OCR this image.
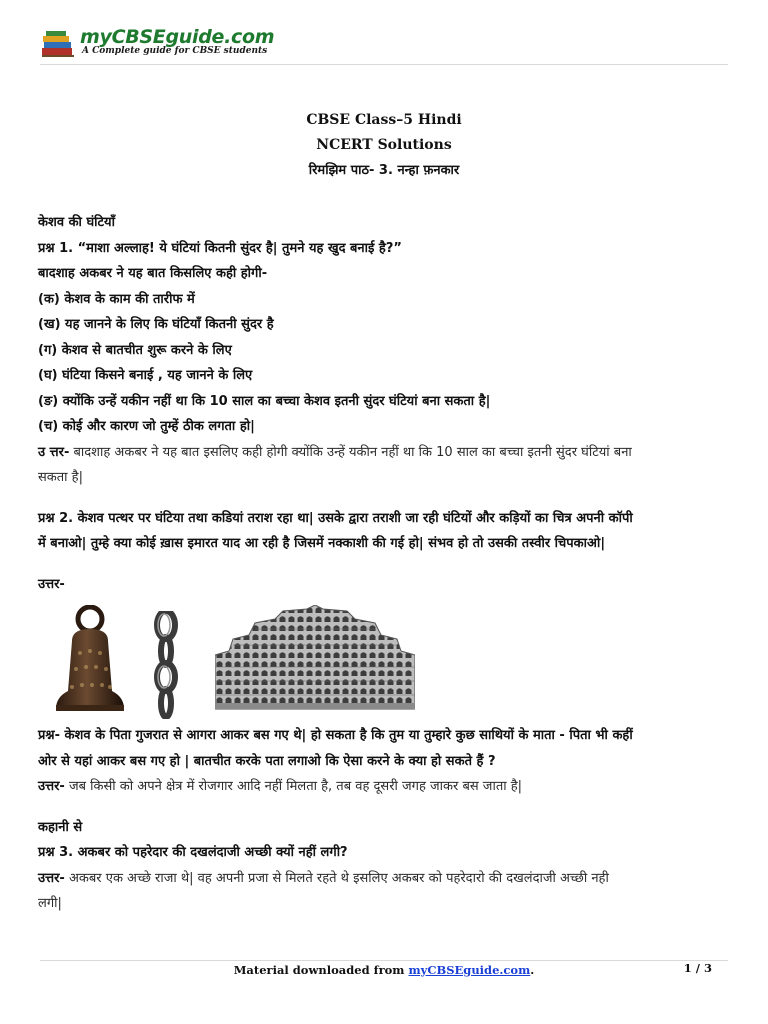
myCBSEguide.com
A Complete guide for CBSE students
CBSE Class–5 Hindi
NCERT Solutions
रिमझिम पाठ- 3. नन्हा फ़नकार
केशव की घंटियाँ
प्रश्न 1. “माशा अल्लाह! ये घंटियां कितनी सुंदर है| तुमने यह खुद बनाई है?”
बादशाह अकबर ने यह बात किसलिए कही होगी-
(क) केशव के काम की तारीफ में
(ख) यह जानने के लिए कि घंटियाँ कितनी सुंदर है
(ग) केशव से बातचीत शुरू करने के लिए
(घ) घंटिया किसने बनाई , यह जानने के लिए
(ङ) क्योंकि उन्हें यकीन नहीं था कि 10 साल का बच्चा केशव इतनी सुंदर घंटियां बना सकता है|
(च) कोई और कारण जो तुम्हें ठीक लगता हो|
उ त्तर- बादशाह अकबर ने यह बात इसलिए कही होगी क्योंकि उन्हें यकीन नहीं था कि 10 साल का बच्चा इतनी सुंदर घंटियां बना
सकता है|
प्रश्न 2. केशव पत्थर पर घंटिया तथा कडियां तराश रहा था| उसके द्वारा तराशी जा रही घंटियों और कड़ियों का चित्र अपनी कॉपी
में बनाओ| तुम्हे क्या कोई ख़ास इमारत याद आ रही है जिसमें नक्काशी की गई हो| संभव हो तो उसकी तस्वीर चिपकाओ|
उत्तर-
प्रश्न- केशव के पिता गुजरात से आगरा आकर बस गए थे| हो सकता है कि तुम या तुम्हारे कुछ साथियों के माता - पिता भी कहीं
ओर से यहां आकर बस गए हो | बातचीत करके पता लगाओ कि ऐसा करने के क्या हो सकते हैं ?
उत्तर- जब किसी को अपने क्षेत्र में रोजगार आदि नहीं मिलता है, तब वह दूसरी जगह जाकर बस जाता है|
कहानी से
प्रश्न 3. अकबर को पहरेदार की दखलंदाजी अच्छी क्यों नहीं लगी?
उत्तर- अकबर एक अच्छे राजा थे| वह अपनी प्रजा से मिलते रहते थे इसलिए अकबर को पहरेदारो की दखलंदाजी अच्छी नही
लगी|
Material downloaded from myCBSEguide.com.	1 / 3
